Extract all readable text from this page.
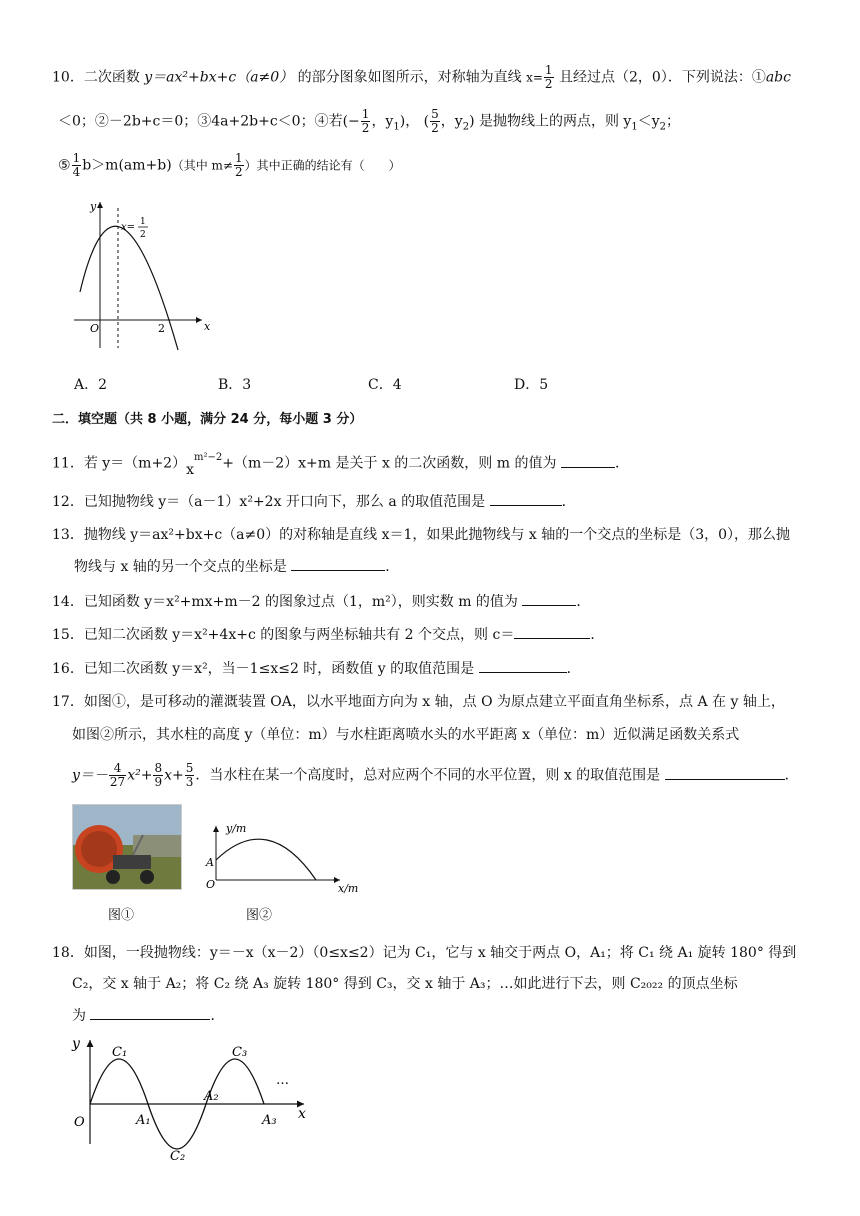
10．二次函数 y＝ax²+bx+c（a≠0） 的部分图象如图所示，对称轴为直线 $x= \frac{1}{2}$ 且经过点（2，0）．下列说法：①abc
＜0；②－2b+c＝0；③4a+2b+c＜0；④若(− $\frac{1}{2}$ ，$y_1$)， ( $\frac{5}{2}$ ，$y_2$) 是抛物线上的两点，则 $y_1<y_2$；
⑤ $\frac{1}{4} b>m(am+b)$（其中 $m\ne \frac{1}{2}$ ）其中正确的结论有（　　）
y
x
O	2
x= 1
2
A．2	B．3	C．4	D．5
二．填空题（共 8 小题，满分 24 分，每小题 3 分）
11．若 $y=(m+2)x^{m^2-2}+(m-2)x+m$ 是关于 x 的二次函数，则 m 的值为	．
12．已知抛物线 y＝（a－1）x²+2x 开口向下，那么 a 的取值范围是	．
13．抛物线 y＝ax²+bx+c（a≠0）的对称轴是直线 x＝1，如果此抛物线与 x 轴的一个交点的坐标是（3，0），那么抛
物线与 x 轴的另一个交点的坐标是	．
14．已知函数 y＝x²+mx+m－2 的图象过点（1，m²），则实数 m 的值为	．
15．已知二次函数 y＝x²+4x+c 的图象与两坐标轴共有 2 个交点，则 c＝	．
16．已知二次函数 y＝x²，当－1≤x≤2 时，函数值 y 的取值范围是	．
17．如图①，是可移动的灌溉装置 OA，以水平地面方向为 x 轴，点 O 为原点建立平面直角坐标系，点 A 在 y 轴上，
如图②所示，其水柱的高度 y（单位：m）与水柱距离喷水头的水平距离 x（单位：m）近似满足函数关系式
$y=- \frac{4}{27} x^2+ \frac{8}{9} x+ \frac{5}{3}$ ．当水柱在某一个高度时，总对应两个不同的水平位置，则 x 的取值范围是	．
图①
y/m
x/m
A
O
图②
18．如图，一段抛物线：y＝－x（x－2）（0≤x≤2）记为 C₁，它与 x 轴交于两点 O，A₁；将 C₁ 绕 A₁ 旋转 180° 得到
C₂，交 x 轴于 A₂；将 C₂ 绕 A₃ 旋转 180° 得到 C₃，交 x 轴于 A₃；…如此进行下去，则 C₂₀₂₂ 的顶点坐标
为	．
y
x
O
C₁
C₂
C₃
A₁
A₂
A₃
…
